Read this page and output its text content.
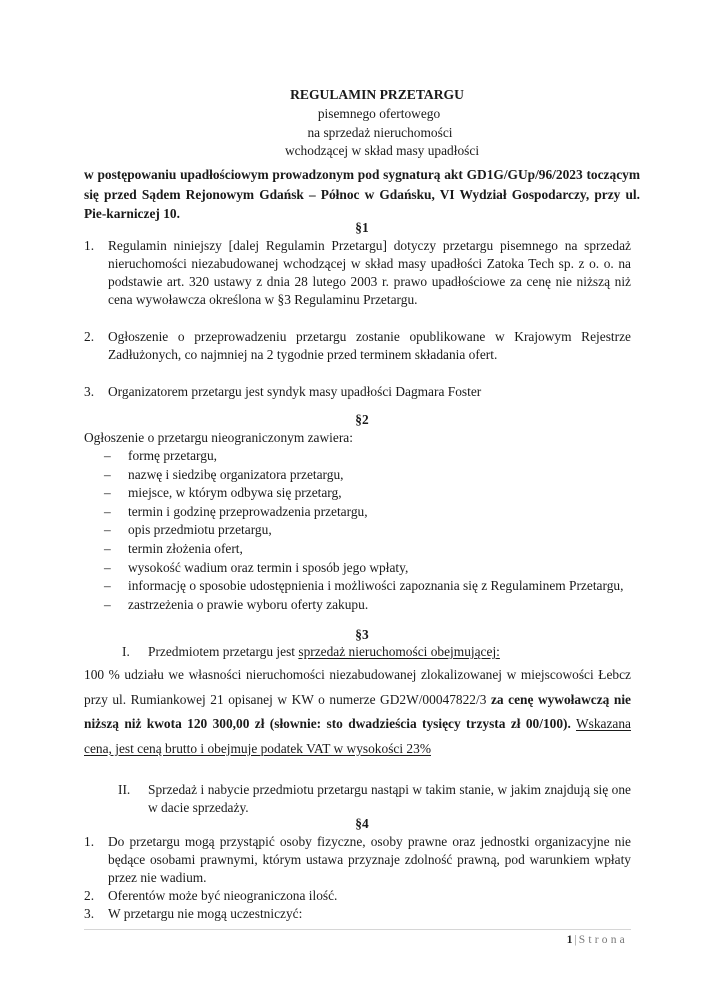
REGULAMIN PRZETARGU
pisemnego ofertowego
na sprzedaż nieruchomości
wchodzącej w skład masy upadłości
w postępowaniu upadłościowym prowadzonym pod sygnaturą akt GD1G/GUp/96/2023 toczącym się przed Sądem Rejonowym Gdańsk – Północ w Gdańsku, VI Wydział Gospodarczy, przy ul. Pie-karniczej 10.
§1
1.	Regulamin niniejszy [dalej Regulamin Przetargu] dotyczy przetargu pisemnego na sprzedaż nieruchomości niezabudowanej wchodzącej w skład masy upadłości Zatoka Tech sp. z o. o. na podstawie art. 320 ustawy z dnia 28 lutego 2003 r. prawo upadłościowe za cenę nie niższą niż cena wywoławcza określona w §3 Regulaminu Przetargu.
2.	Ogłoszenie o przeprowadzeniu przetargu zostanie opublikowane w Krajowym Rejestrze Zadłużonych, co najmniej na 2 tygodnie przed terminem składania ofert.
3.	Organizatorem przetargu jest syndyk masy upadłości Dagmara Foster
§2
Ogłoszenie o przetargu nieograniczonym zawiera:
–	formę przetargu,
–	nazwę i siedzibę organizatora przetargu,
–	miejsce, w którym odbywa się przetarg,
–	termin i godzinę przeprowadzenia przetargu,
–	opis przedmiotu przetargu,
–	termin złożenia ofert,
–	wysokość wadium oraz termin i sposób jego wpłaty,
–	informację o sposobie udostępnienia i możliwości zapoznania się z Regulaminem Przetargu,
–	zastrzeżenia o prawie wyboru oferty zakupu.
§3
I.	Przedmiotem przetargu jest sprzedaż nieruchomości obejmującej:
100 % udziału we własności nieruchomości niezabudowanej zlokalizowanej w miejscowości Łebcz przy ul. Rumiankowej 21 opisanej w KW o numerze GD2W/00047822/3 za cenę wywoławczą nie niższą niż kwota 120 300,00 zł (słownie: sto dwadzieścia tysięcy trzysta zł 00/100). Wskazana cena, jest ceną brutto i obejmuje podatek VAT w wysokości 23%
II.	Sprzedaż i nabycie przedmiotu przetargu nastąpi w takim stanie, w jakim znajdują się one w dacie sprzedaży.
§4
1.	Do przetargu mogą przystąpić osoby fizyczne, osoby prawne oraz jednostki organizacyjne nie będące osobami prawnymi, którym ustawa przyznaje zdolność prawną, pod warunkiem wpłaty przez nie wadium.
2.	Oferentów może być nieograniczona ilość.
3.	W przetargu nie mogą uczestniczyć:
1 | Strona
